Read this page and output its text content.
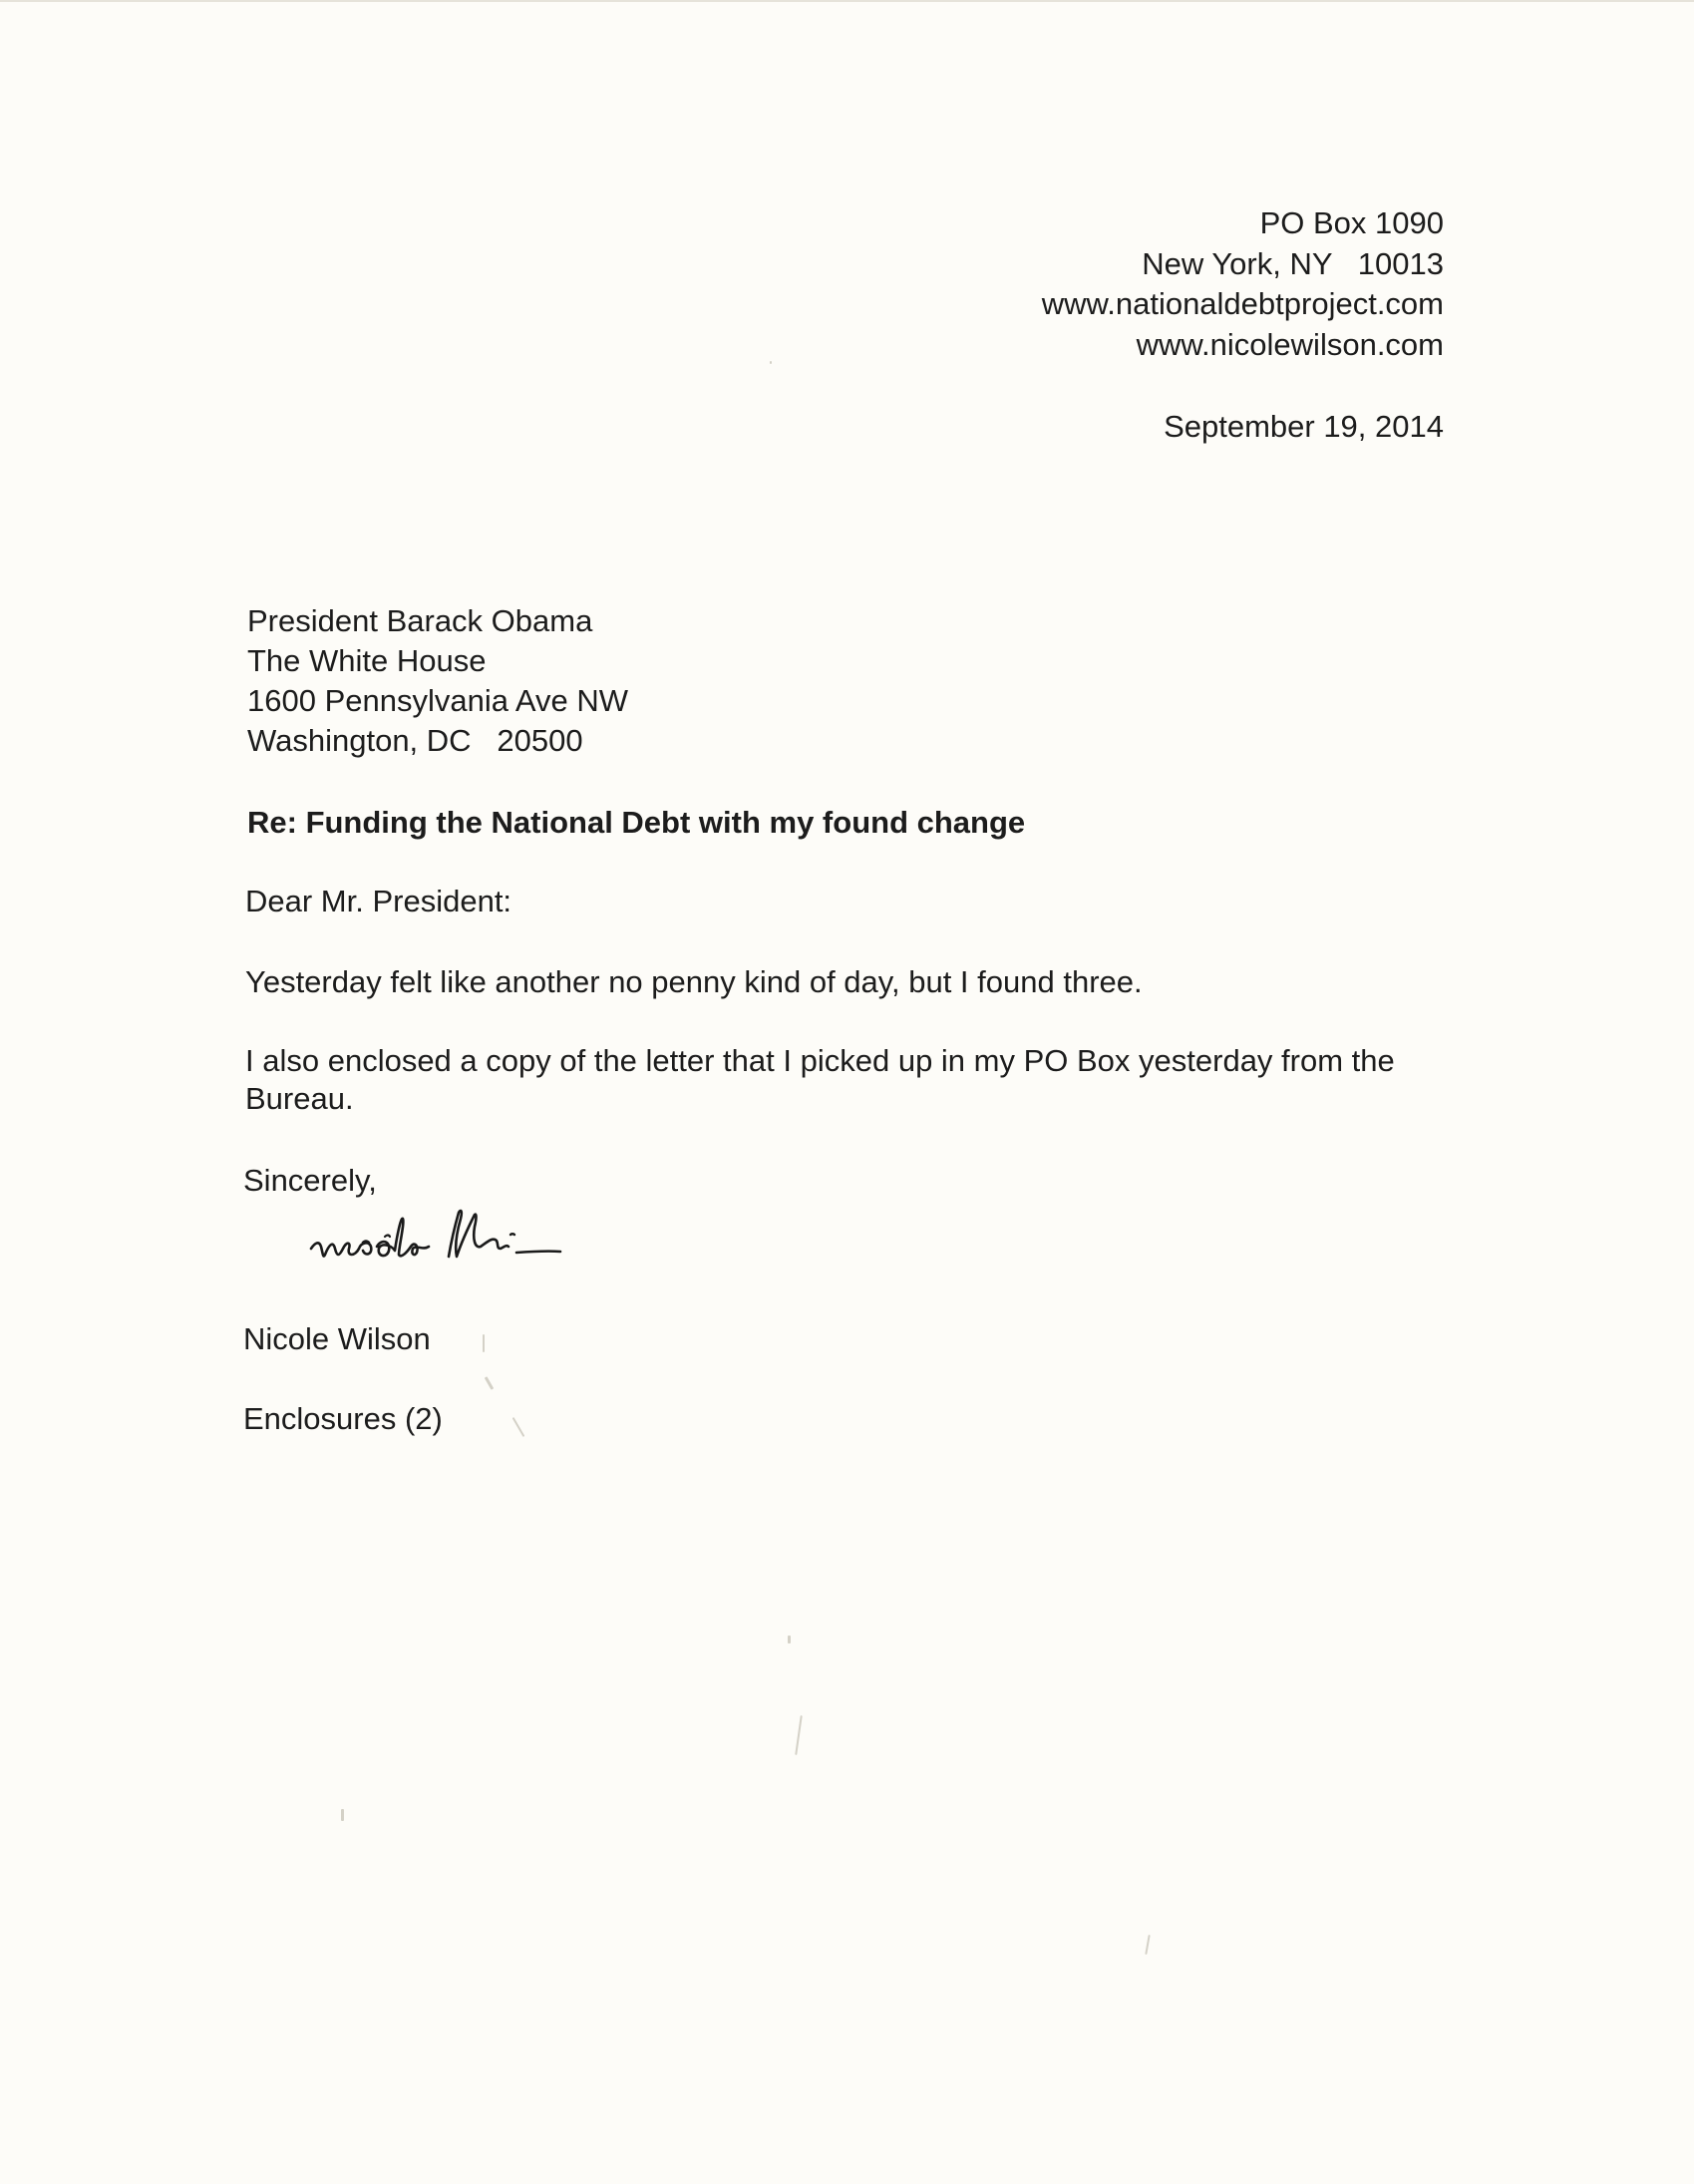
PO Box 1090
New York, NY   10013
www.nationaldebtproject.com
www.nicolewilson.com
September 19, 2014
President Barack Obama
The White House
1600 Pennsylvania Ave NW
Washington, DC   20500
Re: Funding the National Debt with my found change
Dear Mr. President:
Yesterday felt like another no penny kind of day, but I found three.
I also enclosed a copy of the letter that I picked up in my PO Box yesterday from the Bureau.
Sincerely,
Nicole Wilson
Enclosures (2)
